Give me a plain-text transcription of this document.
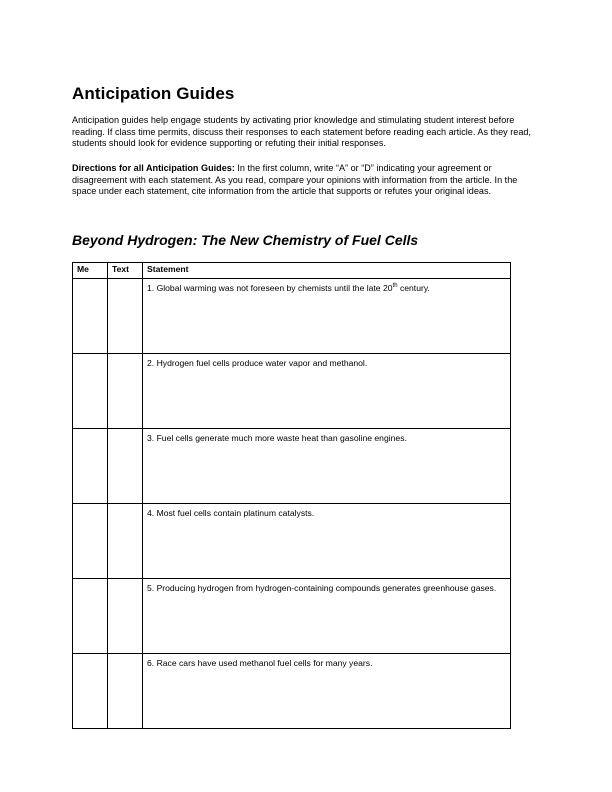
Anticipation Guides

Anticipation guides help engage students by activating prior knowledge and stimulating student interest before reading. If class time permits, discuss their responses to each statement before reading each article. As they read, students should look for evidence supporting or refuting their initial responses.

Directions for all Anticipation Guides: In the first column, write “A” or “D” indicating your agreement or disagreement with each statement. As you read, compare your opinions with information from the article. In the space under each statement, cite information from the article that supports or refutes your original ideas.

Beyond Hydrogen: The New Chemistry of Fuel Cells
Me	Text	Statement
		1. Global warming was not foreseen by chemists until the late 20th century.
		2. Hydrogen fuel cells produce water vapor and methanol.
		3. Fuel cells generate much more waste heat than gasoline engines.
		4. Most fuel cells contain platinum catalysts.
		5. Producing hydrogen from hydrogen-containing compounds generates greenhouse gases.
		6. Race cars have used methanol fuel cells for many years.
